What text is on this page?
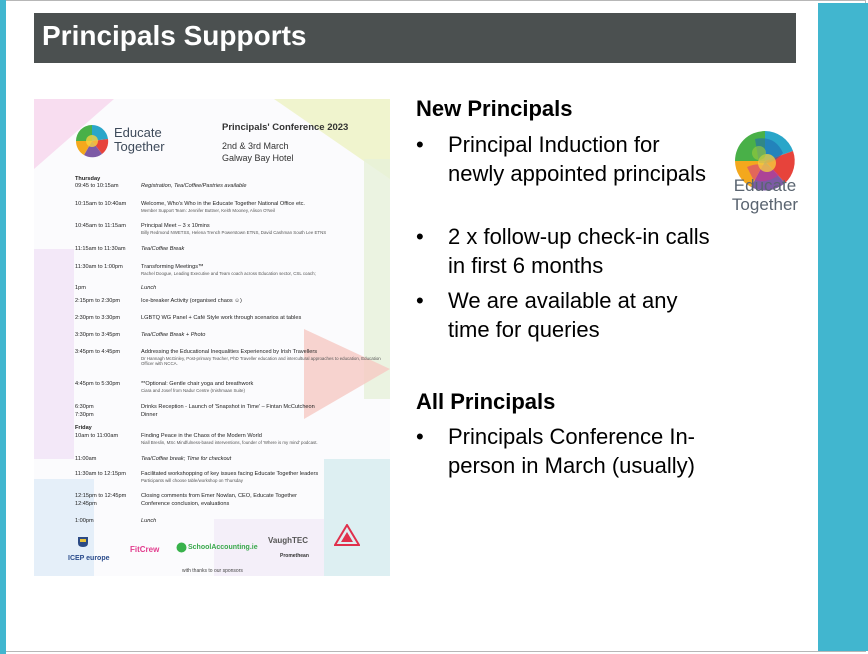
Principals Supports
Educate
Together
Principals' Conference 2023
2nd & 3rd March
Galway Bay Hotel
Thursday
09:45 to 10:15am	Registration, Tea/Coffee/Pastries available
10:15am to 10:40am	Welcome, Who's Who in the Educate Together National Office etc.
Member Support Team: Jennifer Buttner, Keith Mooney, Alison O'Neil
10:45am to 11:15am	Principal Meet – 3 x 10mins
Billy Redmond NWETSS, Helena Trench Powerstown ETNS, David Cashman South Lee ETNS
11:15am to 11:30am	Tea/Coffee Break
11:30am to 1:00pm	Transforming Meetings™
Rachel Doogue, Leading Executive and Team coach across Education sector, CSL coach;
1pm	Lunch
2:15pm to 2:30pm	Ice-breaker Activity (organised chaos ☺)
2:30pm to 3:30pm	LGBTQ WG Panel + Café Style work through scenarios at tables
3:30pm to 3:45pm	Tea/Coffee Break + Photo
3:45pm to 4:45pm	Addressing the Educational Inequalities Experienced by Irish Travellers
Dr Hannagh McGinley, Post-primary Teacher, PhD Traveller education and intercultural approaches to education, Education Officer with NCCA.
4:45pm to 5:30pm	**Optional: Gentle chair yoga and breathwork
Ciara and Josef from Nadur Centre (Inishmaan Suite)
6:30pm	Drinks Reception - Launch of 'Snapshot in Time' – Fintan McCutcheon
7:30pm	Dinner
Friday
10am to 11:00am	Finding Peace in the Chaos of the Modern World
Niall Breslin, MSc Mindfulness-based interventions, founder of 'Where is my mind' podcast.
11:00am	Tea/Coffee break; Time for checkout
11:30am to 12:15pm	Facilitated workshopping of key issues facing Educate Together leaders
Participants will choose table/workshop on Thursday
12:15pm to 12:45pm	Closing comments from Emer Nowlan, CEO, Educate Together
12:45pm	Conference conclusion, evaluations
1:00pm	Lunch
ICEP europe
FitCrew	SchoolAccounting.ie
VaughTEC
Promethean
with thanks to our sponsors
New Principals
• Principal Induction for newly appointed principals
• 2 x follow-up check-in calls in first 6 months
• We are available at any time for queries
All Principals
• Principals Conference In-person in March (usually)
Educate
Together
